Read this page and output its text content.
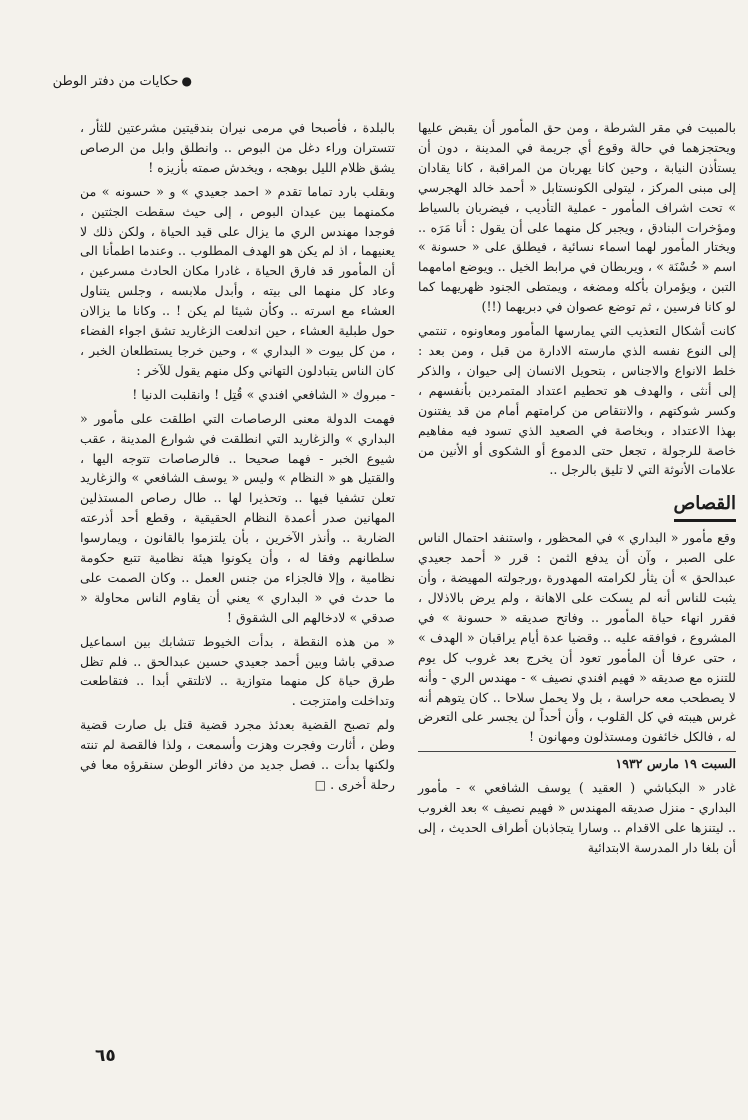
●حكايات من دفتر الوطن

بالمبيت في مقر الشرطة ، ومن حق المأمور أن يقبض عليها ويحتجزهما في حالة وقوع أي جريمة في المدينة ، دون أن يستأذن النيابة ، وحين كانا يهربان من المراقبة ، كانا يقادان إلى مبنى المركز ، ليتولى الكونستابل « أحمد خالد الهجرسي » تحت اشراف المأمور - عملية التأديب ، فيضربان بالسياط ومؤخرات البنادق ، ويجبر كل منهما على أن يقول : أنا مَرَه .. ويختار المأمور لهما اسماء نسائية ، فيطلق على « حسونة » اسم « حُسْنَة » ، ويربطان في مرابط الخيل .. ويوضع امامهما التبن ، ويؤمران بأكله ومضغه ، ويمتطى الجنود ظهريهما كما لو كانا فرسين ، ثم توضع عصوان في دبريهما (!!)

كانت أشكال التعذيب التي يمارسها المأمور ومعاونوه ، تنتمي إلى النوع نفسه الذي مارسته الادارة من قبل ، ومن بعد : خلط الانواع والاجناس ، بتحويل الانسان إلى حيوان ، والذكر إلى أنثى ، والهدف هو تحطيم اعتداد المتمردين بأنفسهم ، وكسر شوكتهم ، والانتقاص من كرامتهم أمام من قد يفتنون بهذا الاعتداد ، وبخاصة في الصعيد الذي تسود فيه مفاهيم خاصة للرجولة ، تجعل حتى الدموع أو الشكوى أو الأنين من علامات الأنوثة التي لا تليق بالرجل ..

القصاص

وقع مأمور « البداري » في المحظور ، واستنفد احتمال الناس على الصبر ، وآن أن يدفع الثمن : قرر « أحمد جعيدي عبدالحق » أن يثأر لكرامته المهدورة ،ورجولته المهيضة ، وأن يثبت للناس أنه لم يسكت على الاهانة ، ولم يرض بالاذلال ، فقرر انهاء حياة المأمور .. وفاتح صديقه « حسونة » في المشروع ، فوافقه عليه .. وقضيا عدة أيام يراقبان « الهدف » ، حتى عرفا أن المأمور تعود أن يخرج بعد غروب كل يوم للتنزه مع صديقه « فهيم افندي نصيف » - مهندس الري - وأنه لا يصطحب معه حراسة ، بل ولا يحمل سلاحا .. كان يتوهم أنه غرس هيبته في كل القلوب ، وأن أحداً لن يجسر على التعرض له ، فالكل خائفون ومستذلون ومهانون !

السبت ١٩ مارس ١٩٣٢

غادر « البكباشي ( العقيد ) يوسف الشافعي » - مأمور البداري - منزل صديقه المهندس « فهيم نصيف » بعد الغروب .. ليتنزها على الاقدام .. وسارا يتجاذبان أطراف الحديث ، إلى أن بلغا دار المدرسة الابتدائية

بالبلدة ، فأصبحا في مرمى نيران بندقيتين مشرعتين للثأر ، تتستران وراء دغل من البوص .. وانطلق وابل من الرصاص يشق ظلام الليل بوهجه ، ويخدش صمته بأزيزه !

وبقلب بارد تماما تقدم « احمد جعيدي » و « حسونه » من مكمنهما بين عيدان البوص ، إلى حيث سقطت الجثتين ، فوجدا مهندس الري ما يزال على قيد الحياة ، ولكن ذلك لا يعنيهما ، اذ لم يكن هو الهدف المطلوب .. وعندما اطمأنا الى أن المأمور قد فارق الحياة ، غادرا مكان الحادث مسرعين ، وعاد كل منهما الى بيته ، وأبدل ملابسه ، وجلس يتناول العشاء مع اسرته .. وكأن شيئا لم يكن ! .. وكانا ما يزالان حول طبلية العشاء ، حين اندلعت الزغاريد تشق اجواء الفضاء ، من كل بيوت « البداري » ، وحين خرجا يستطلعان الخبر ، كان الناس يتبادلون التهاني وكل منهم يقول للآخر :

- مبروك « الشافعي افندي » قُتِل ! وانقلبت الدنيا !

فهمت الدولة معنى الرصاصات التي اطلقت على مأمور « البداري » والزغاريد التي انطلقت في شوارع المدينة ، عقب شيوع الخبر - فهما صحيحا .. فالرصاصات تتوجه اليها ، والقتيل هو « النظام » وليس « يوسف الشافعي » والزغاريد تعلن تشفيا فيها .. وتحذيرا لها .. طال رصاص المستذلين المهانين صدر أعمدة النظام الحقيقية ، وقطع أحد أذرعته الضاربة .. وأنذر الآخرين ، بأن يلتزموا بالقانون ، ويمارسوا سلطانهم وفقا له ، وأن يكونوا هيئة نظامية تتبع حكومة نظامية ، وإلا فالجزاء من جنس العمل .. وكان الصمت على ما حدث في « البداري » يعني أن يقاوم الناس محاولة « صدقي » لادخالهم الى الشقوق !

« من هذه النقطة ، بدأت الخيوط تتشابك بين اسماعيل صدقي باشا وبين أحمد جعيدي حسين عبدالحق .. فلم تظل طرق حياة كل منهما متوازية .. لاتلتقي أبدا .. فتقاطعت وتداخلت وامتزجت .

ولم تصبح القضية بعدئذ مجرد قضية قتل بل صارت قضية وطن ، أثارت وفجرت وهزت وأسمعت ، ولذا فالقصة لم تنته ولكنها بدأت .. فصل جديد من دفاتر الوطن سنقرؤه معا في رحلة أخرى . □

٦٥
